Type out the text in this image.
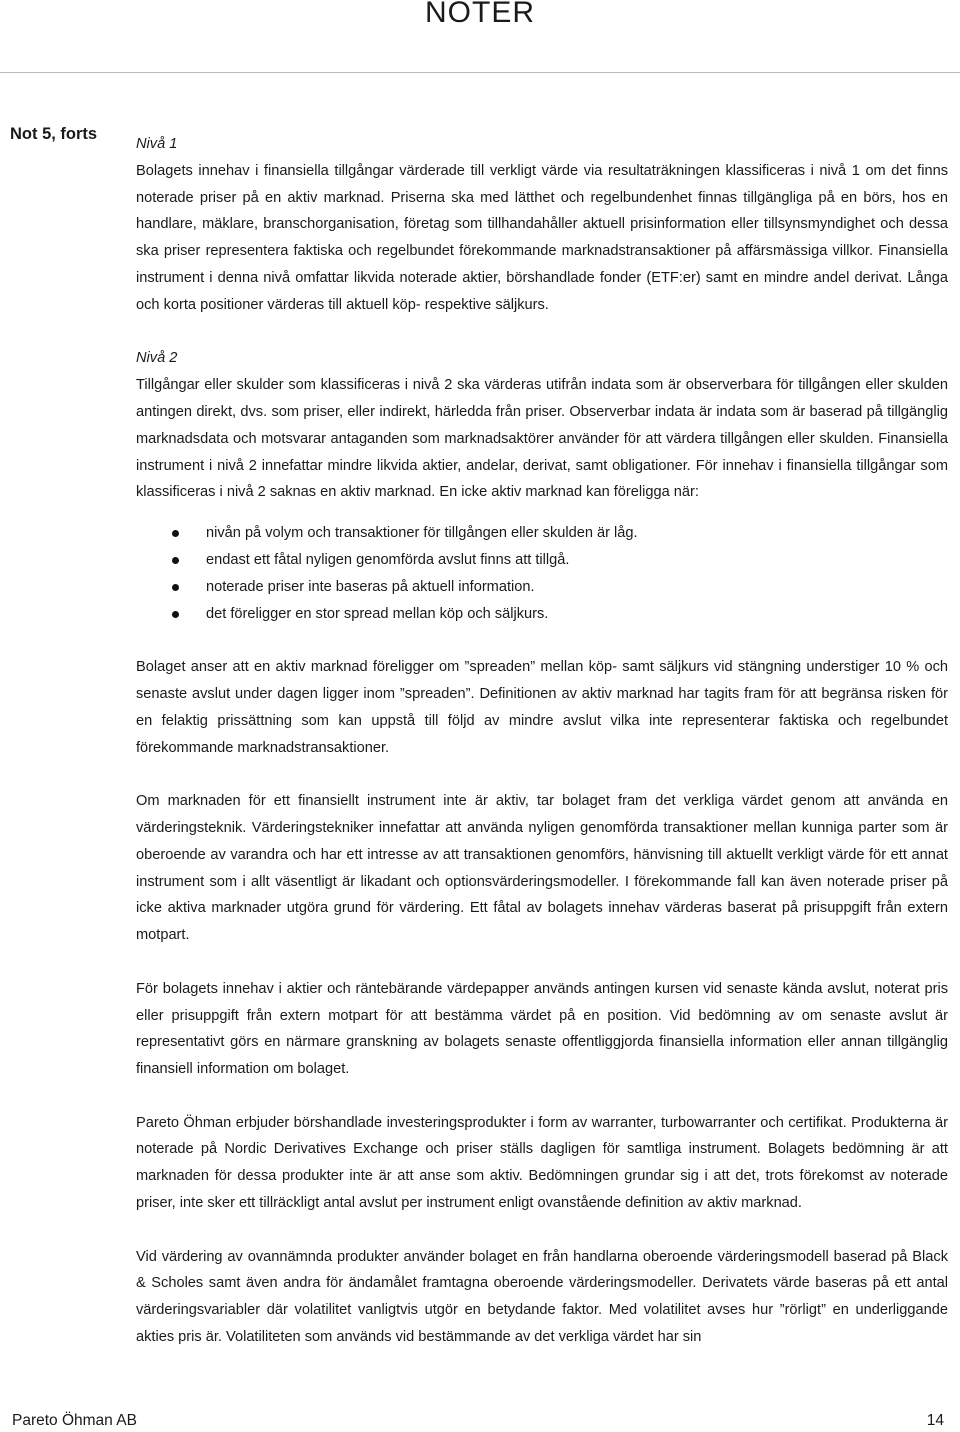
NOTER
Not 5, forts

Nivå 1

Bolagets innehav i finansiella tillgångar värderade till verkligt värde via resultaträkningen klassificeras i nivå 1 om det finns noterade priser på en aktiv marknad. Priserna ska med lätthet och regelbundenhet finnas tillgängliga på en börs, hos en handlare, mäklare, branschorganisation, företag som tillhandahåller aktuell prisinformation eller tillsynsmyndighet och dessa ska priser representera faktiska och regelbundet förekommande marknadstransaktioner på affärsmässiga villkor. Finansiella instrument i denna nivå omfattar likvida noterade aktier, börshandlade fonder (ETF:er) samt en mindre andel derivat. Långa och korta positioner värderas till aktuell köp- respektive säljkurs.

Nivå 2

Tillgångar eller skulder som klassificeras i nivå 2 ska värderas utifrån indata som är observerbara för tillgången eller skulden antingen direkt, dvs. som priser, eller indirekt, härledda från priser. Observerbar indata är indata som är baserad på tillgänglig marknadsdata och motsvarar antaganden som marknadsaktörer använder för att värdera tillgången eller skulden. Finansiella instrument i nivå 2 innefattar mindre likvida aktier, andelar, derivat, samt obligationer. För innehav i finansiella tillgångar som klassificeras i nivå 2 saknas en aktiv marknad. En icke aktiv marknad kan föreligga när:

nivån på volym och transaktioner för tillgången eller skulden är låg.
endast ett fåtal nyligen genomförda avslut finns att tillgå.
noterade priser inte baseras på aktuell information.
det föreligger en stor spread mellan köp och säljkurs.

Bolaget anser att en aktiv marknad föreligger om ”spreaden” mellan köp- samt säljkurs vid stängning understiger 10 % och senaste avslut under dagen ligger inom ”spreaden”. Definitionen av aktiv marknad har tagits fram för att begränsa risken för en felaktig prissättning som kan uppstå till följd av mindre avslut vilka inte representerar faktiska och regelbundet förekommande marknadstransaktioner.

Om marknaden för ett finansiellt instrument inte är aktiv, tar bolaget fram det verkliga värdet genom att använda en värderingsteknik. Värderingstekniker innefattar att använda nyligen genomförda transaktioner mellan kunniga parter som är oberoende av varandra och har ett intresse av att transaktionen genomförs, hänvisning till aktuellt verkligt värde för ett annat instrument som i allt väsentligt är likadant och optionsvärderingsmodeller. I förekommande fall kan även noterade priser på icke aktiva marknader utgöra grund för värdering. Ett fåtal av bolagets innehav värderas baserat på prisuppgift från extern motpart.

För bolagets innehav i aktier och räntebärande värdepapper används antingen kursen vid senaste kända avslut, noterat pris eller prisuppgift från extern motpart för att bestämma värdet på en position. Vid bedömning av om senaste avslut är representativt görs en närmare granskning av bolagets senaste offentliggjorda finansiella information eller annan tillgänglig finansiell information om bolaget.

Pareto Öhman erbjuder börshandlade investeringsprodukter i form av warranter, turbowarranter och certifikat. Produkterna är noterade på Nordic Derivatives Exchange och priser ställs dagligen för samtliga instrument. Bolagets bedömning är att marknaden för dessa produkter inte är att anse som aktiv. Bedömningen grundar sig i att det, trots förekomst av noterade priser, inte sker ett tillräckligt antal avslut per instrument enligt ovanstående definition av aktiv marknad.

Vid värdering av ovannämnda produkter använder bolaget en från handlarna oberoende värderingsmodell baserad på Black & Scholes samt även andra för ändamålet framtagna oberoende värderingsmodeller. Derivatets värde baseras på ett antal värderingsvariabler där volatilitet vanligtvis utgör en betydande faktor. Med volatilitet avses hur ”rörligt” en underliggande akties pris är. Volatiliteten som används vid bestämmande av det verkliga värdet har sin

Pareto Öhman AB	14
